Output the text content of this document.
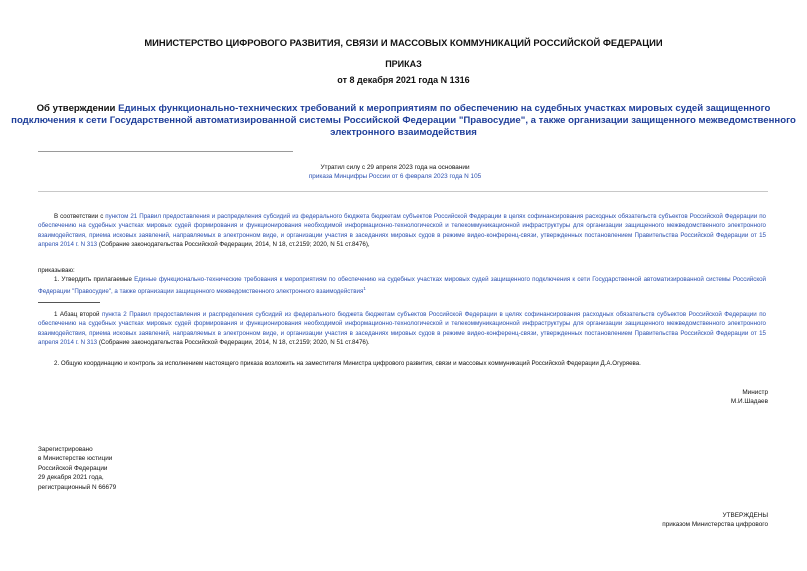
МИНИСТЕРСТВО ЦИФРОВОГО РАЗВИТИЯ, СВЯЗИ И МАССОВЫХ КОММУНИКАЦИЙ РОССИЙСКОЙ ФЕДЕРАЦИИ
ПРИКАЗ
от 8 декабря 2021 года N 1316
Об утверждении Единых функционально-технических требований к мероприятиям по обеспечению на судебных участках мировых судей защищенного
подключения к сети Государственной автоматизированной системы Российской Федерации "Правосудие", а также организации защищенного межведомственного
электронного взаимодействия
Утратил силу с 29 апреля 2023 года на основании
приказа Минцифры России от 6 февраля 2023 года N 105
В соответствии с пунктом 21 Правил предоставления и распределения субсидий из федерального бюджета бюджетам субъектов Российской Федерации в целях софинансирования расходных обязательств субъектов Российской Федерации по обеспечению на судебных участках мировых судей формирования и функционирования необходимой информационно-технологической и телекоммуникационной инфраструктуры для организации защищенного межведомственного электронного взаимодействия, приема исковых заявлений, направляемых в электронном виде, и организации участия в заседаниях мировых судов в режиме видео-конференц-связи, утвержденных постановлением Правительства Российской Федерации от 15 апреля 2014 г. N 313 (Собрание законодательства Российской Федерации, 2014, N 18, ст.2159; 2020, N 51 ст.8476),
приказываю:
1. Утвердить прилагаемые Единые функционально-технические требования к мероприятиям по обеспечению на судебных участках мировых судей защищенного подключения к сети Государственной автоматизированной системы Российской Федерации "Правосудие", а также организации защищенного межведомственного электронного взаимодействия$^1$
1 Абзац второй пункта 2 Правил предоставления и распределения субсидий из федерального бюджета бюджетам субъектов Российской Федерации в целях софинансирования расходных обязательств субъектов Российской Федерации по обеспечению на судебных участках мировых судей формирования и функционирования необходимой информационно-технологической и телекоммуникационной инфраструктуры для организации защищенного межведомственного электронного взаимодействия, приема исковых заявлений, направляемых в электронном виде, и организации участия в заседаниях мировых судов в режиме видео-конференц-связи, утвержденных постановлением Правительства Российской Федерации от 15 апреля 2014 г. N 313 (Собрание законодательства Российской Федерации, 2014, N 18, ст.2159; 2020, N 51 ст.8476).
2. Общую координацию и контроль за исполнением настоящего приказа возложить на заместителя Министра цифрового развития, связи и массовых коммуникаций Российской Федерации Д.А.Огуряева.
Министр
М.И.Шадаев
Зарегистрировано
в Министерстве юстиции
Российской Федерации
29 декабря 2021 года,
регистрационный N 66679
УТВЕРЖДЕНЫ
приказом Министерства цифрового
